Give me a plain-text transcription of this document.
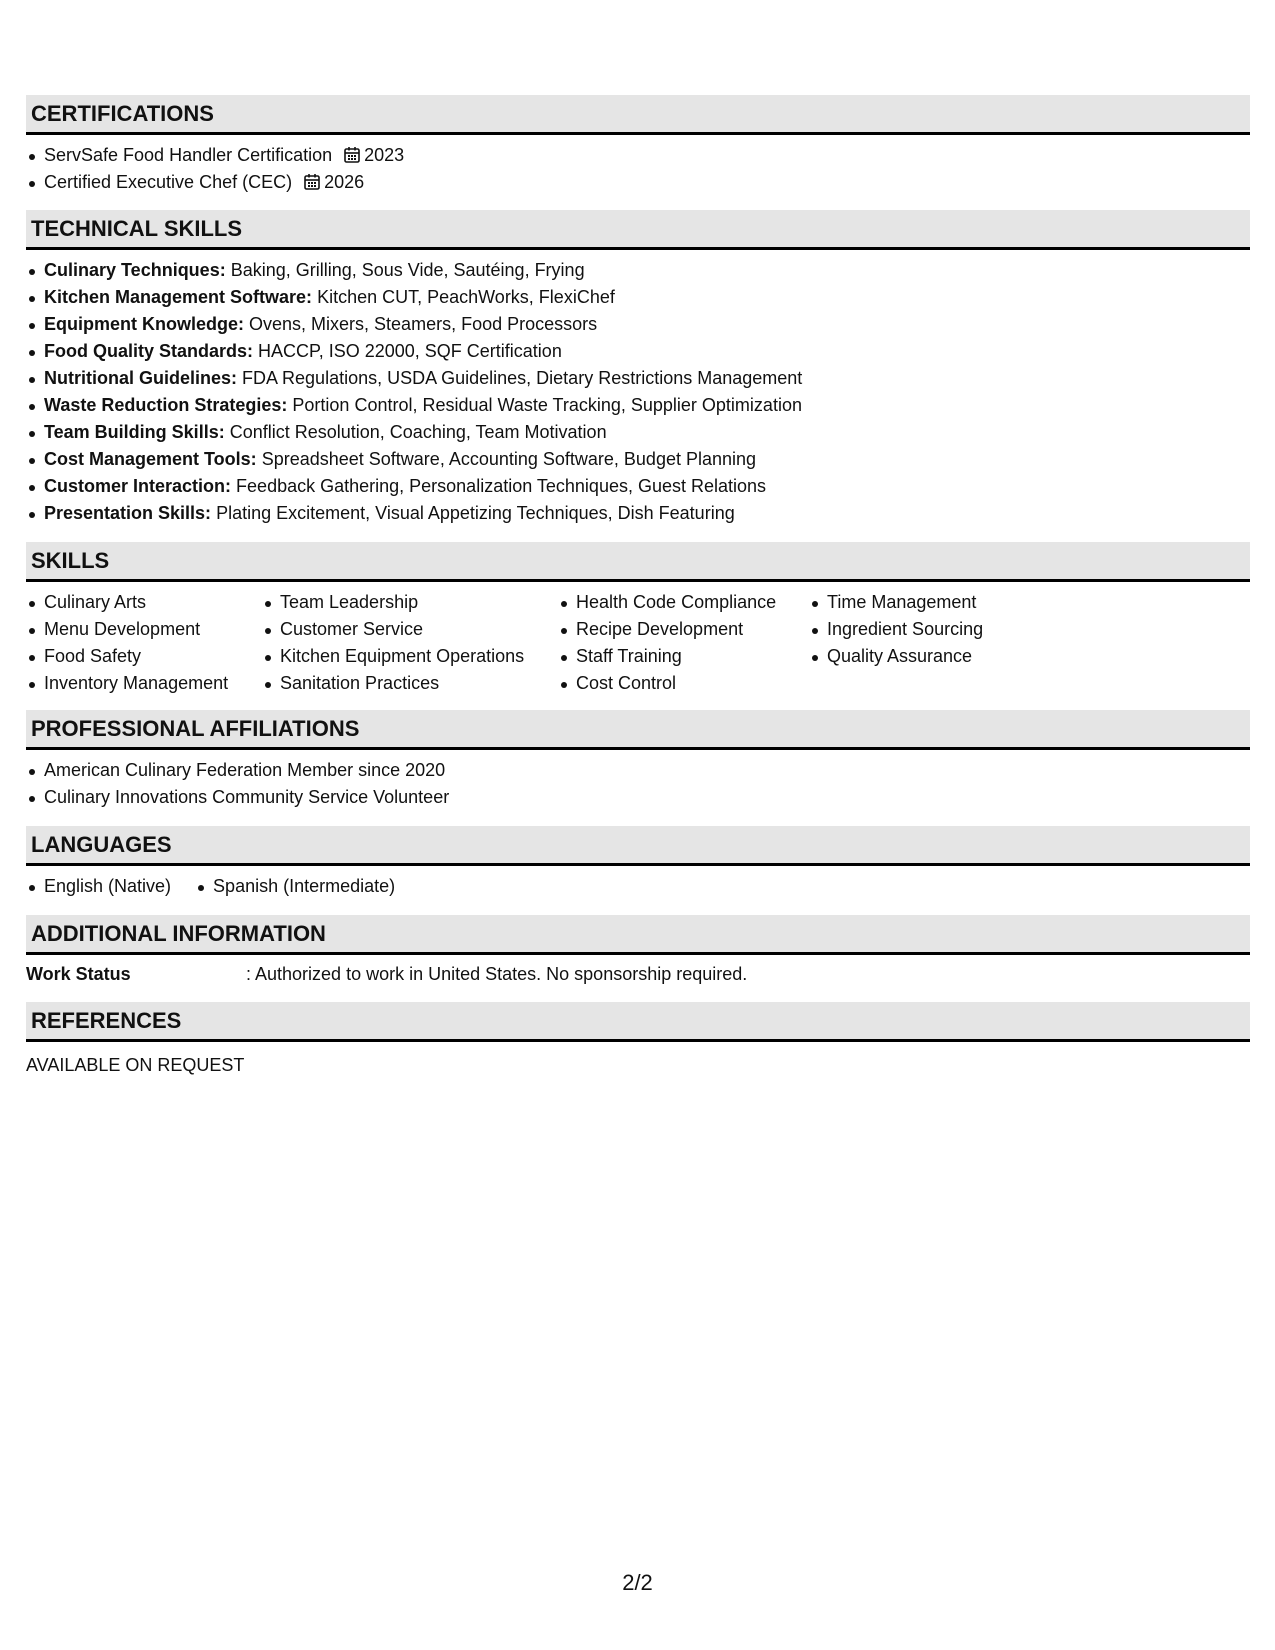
CERTIFICATIONS
ServSafe Food Handler Certification 2023
Certified Executive Chef (CEC) 2026
TECHNICAL SKILLS
Culinary Techniques: Baking, Grilling, Sous Vide, Sautéing, Frying
Kitchen Management Software: Kitchen CUT, PeachWorks, FlexiChef
Equipment Knowledge: Ovens, Mixers, Steamers, Food Processors
Food Quality Standards: HACCP, ISO 22000, SQF Certification
Nutritional Guidelines: FDA Regulations, USDA Guidelines, Dietary Restrictions Management
Waste Reduction Strategies: Portion Control, Residual Waste Tracking, Supplier Optimization
Team Building Skills: Conflict Resolution, Coaching, Team Motivation
Cost Management Tools: Spreadsheet Software, Accounting Software, Budget Planning
Customer Interaction: Feedback Gathering, Personalization Techniques, Guest Relations
Presentation Skills: Plating Excitement, Visual Appetizing Techniques, Dish Featuring
SKILLS
Culinary Arts
Menu Development
Food Safety
Inventory Management
Team Leadership
Customer Service
Kitchen Equipment Operations
Sanitation Practices
Health Code Compliance
Recipe Development
Staff Training
Cost Control
Time Management
Ingredient Sourcing
Quality Assurance
PROFESSIONAL AFFILIATIONS
American Culinary Federation Member since 2020
Culinary Innovations Community Service Volunteer
LANGUAGES
English (Native)	Spanish (Intermediate)
ADDITIONAL INFORMATION
Work Status	: Authorized to work in United States. No sponsorship required.
REFERENCES
AVAILABLE ON REQUEST
2/2
